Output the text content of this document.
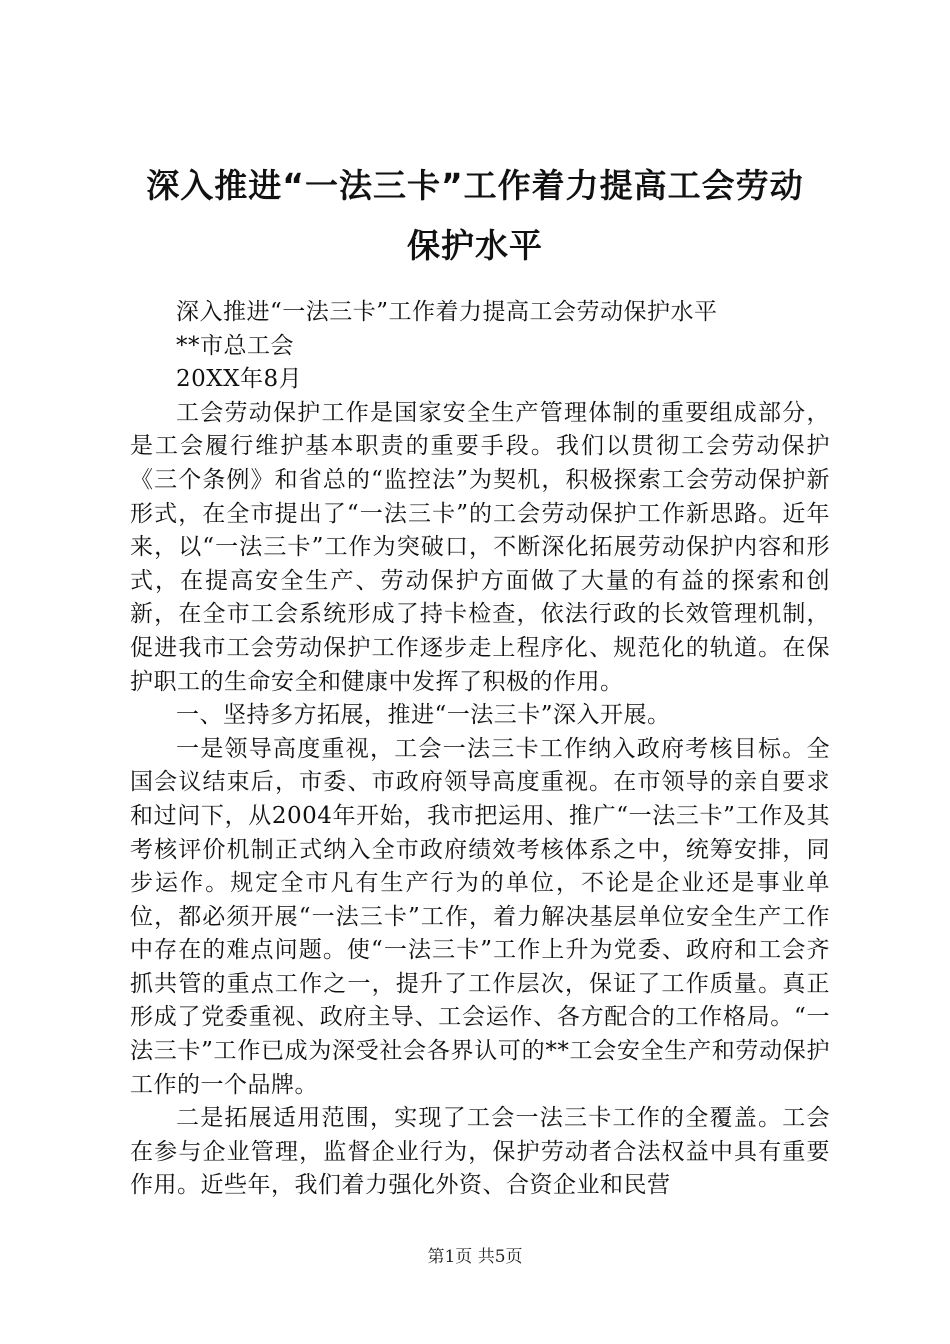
深入推进“一法三卡”工作着力提高工会劳动
保护水平

深入推进“一法三卡”工作着力提高工会劳动保护水平

**市总工会

20XX年8月

工会劳动保护工作是国家安全生产管理体制的重要组成部分，是工会履行维护基本职责的重要手段。我们以贯彻工会劳动保护《三个条例》和省总的“监控法”为契机，积极探索工会劳动保护新形式，在全市提出了“一法三卡”的工会劳动保护工作新思路。近年来，以“一法三卡”工作为突破口，不断深化拓展劳动保护内容和形式，在提高安全生产、劳动保护方面做了大量的有益的探索和创新，在全市工会系统形成了持卡检查，依法行政的长效管理机制，促进我市工会劳动保护工作逐步走上程序化、规范化的轨道。在保护职工的生命安全和健康中发挥了积极的作用。

一、坚持多方拓展，推进“一法三卡”深入开展。

一是领导高度重视，工会一法三卡工作纳入政府考核目标。全国会议结束后，市委、市政府领导高度重视。在市领导的亲自要求和过问下，从2004年开始，我市把运用、推广“一法三卡”工作及其考核评价机制正式纳入全市政府绩效考核体系之中，统筹安排，同步运作。规定全市凡有生产行为的单位，不论是企业还是事业单位，都必须开展“一法三卡”工作，着力解决基层单位安全生产工作中存在的难点问题。使“一法三卡”工作上升为党委、政府和工会齐抓共管的重点工作之一，提升了工作层次，保证了工作质量。真正形成了党委重视、政府主导、工会运作、各方配合的工作格局。“一法三卡”工作已成为深受社会各界认可的**工会安全生产和劳动保护工作的一个品牌。

二是拓展适用范围，实现了工会一法三卡工作的全覆盖。工会在参与企业管理，监督企业行为，保护劳动者合法权益中具有重要作用。近些年，我们着力强化外资、合资企业和民营

第1页 共5页
